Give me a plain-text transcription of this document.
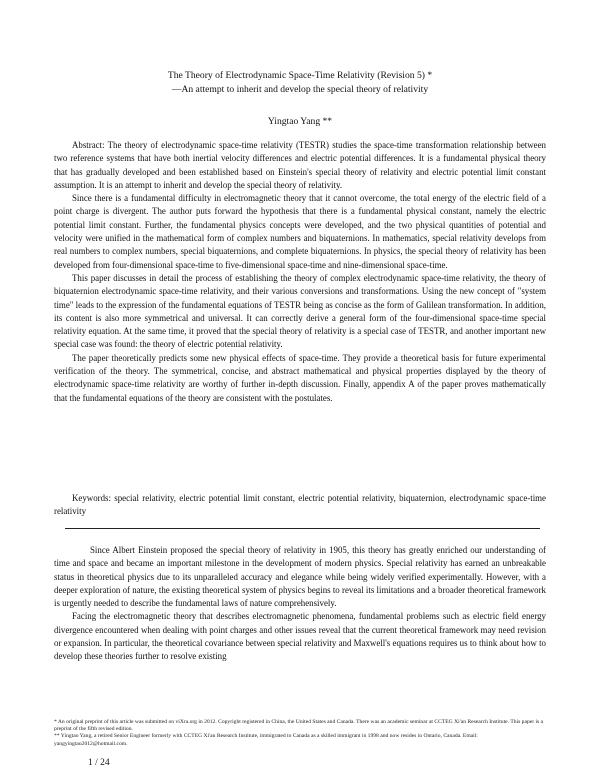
The Theory of Electrodynamic Space-Time Relativity (Revision 5) *
—An attempt to inherit and develop the special theory of relativity
Yingtao Yang **

Abstract: The theory of electrodynamic space-time relativity (TESTR) studies the space-time transformation relationship between two reference systems that have both inertial velocity differences and electric potential differences. It is a fundamental physical theory that has gradually developed and been established based on Einstein's special theory of relativity and electric potential limit constant assumption. It is an attempt to inherit and develop the special theory of relativity.

Since there is a fundamental difficulty in electromagnetic theory that it cannot overcome, the total energy of the electric field of a point charge is divergent. The author puts forward the hypothesis that there is a fundamental physical constant, namely the electric potential limit constant. Further, the fundamental physics concepts were developed, and the two physical quantities of potential and velocity were unified in the mathematical form of complex numbers and biquaternions. In mathematics, special relativity develops from real numbers to complex numbers, special biquaternions, and complete biquaternions. In physics, the special theory of relativity has been developed from four-dimensional space-time to five-dimensional space-time and nine-dimensional space-time.

This paper discusses in detail the process of establishing the theory of complex electrodynamic space-time relativity, the theory of biquaternion electrodynamic space-time relativity, and their various conversions and transformations. Using the new concept of "system time" leads to the expression of the fundamental equations of TESTR being as concise as the form of Galilean transformation. In addition, its content is also more symmetrical and universal. It can correctly derive a general form of the four-dimensional space-time special relativity equation. At the same time, it proved that the special theory of relativity is a special case of TESTR, and another important new special case was found: the theory of electric potential relativity.

The paper theoretically predicts some new physical effects of space-time. They provide a theoretical basis for future experimental verification of the theory. The symmetrical, concise, and abstract mathematical and physical properties displayed by the theory of electrodynamic space-time relativity are worthy of further in-depth discussion. Finally, appendix A of the paper proves mathematically that the fundamental equations of the theory are consistent with the postulates.

Keywords: special relativity, electric potential limit constant, electric potential relativity, biquaternion, electrodynamic space-time relativity

Since Albert Einstein proposed the special theory of relativity in 1905, this theory has greatly enriched our understanding of time and space and became an important milestone in the development of modern physics. Special relativity has earned an unbreakable status in theoretical physics due to its unparalleled accuracy and elegance while being widely verified experimentally. However, with a deeper exploration of nature, the existing theoretical system of physics begins to reveal its limitations and a broader theoretical framework is urgently needed to describe the fundamental laws of nature comprehensively.

Facing the electromagnetic theory that describes electromagnetic phenomena, fundamental problems such as electric field energy divergence encountered when dealing with point charges and other issues reveal that the current theoretical framework may need revision or expansion. In particular, the theoretical covariance between special relativity and Maxwell's equations requires us to think about how to develop these theories further to resolve existing

* An original preprint of this article was submitted on viXra.org in 2012. Copyright registered in China, the United States and Canada. There was an academic seminar at CCTEG Xi'an Research Institute. This paper is a preprint of the fifth revised edition.
** Yingtao Yang, a retired Senior Engineer formerly with CCTEG Xi'an Research Institute, immigrated to Canada as a skilled immigrant in 1998 and now resides in Ontario, Canada. Email: yangyingtao2012@hotmail.com.
1 / 24
